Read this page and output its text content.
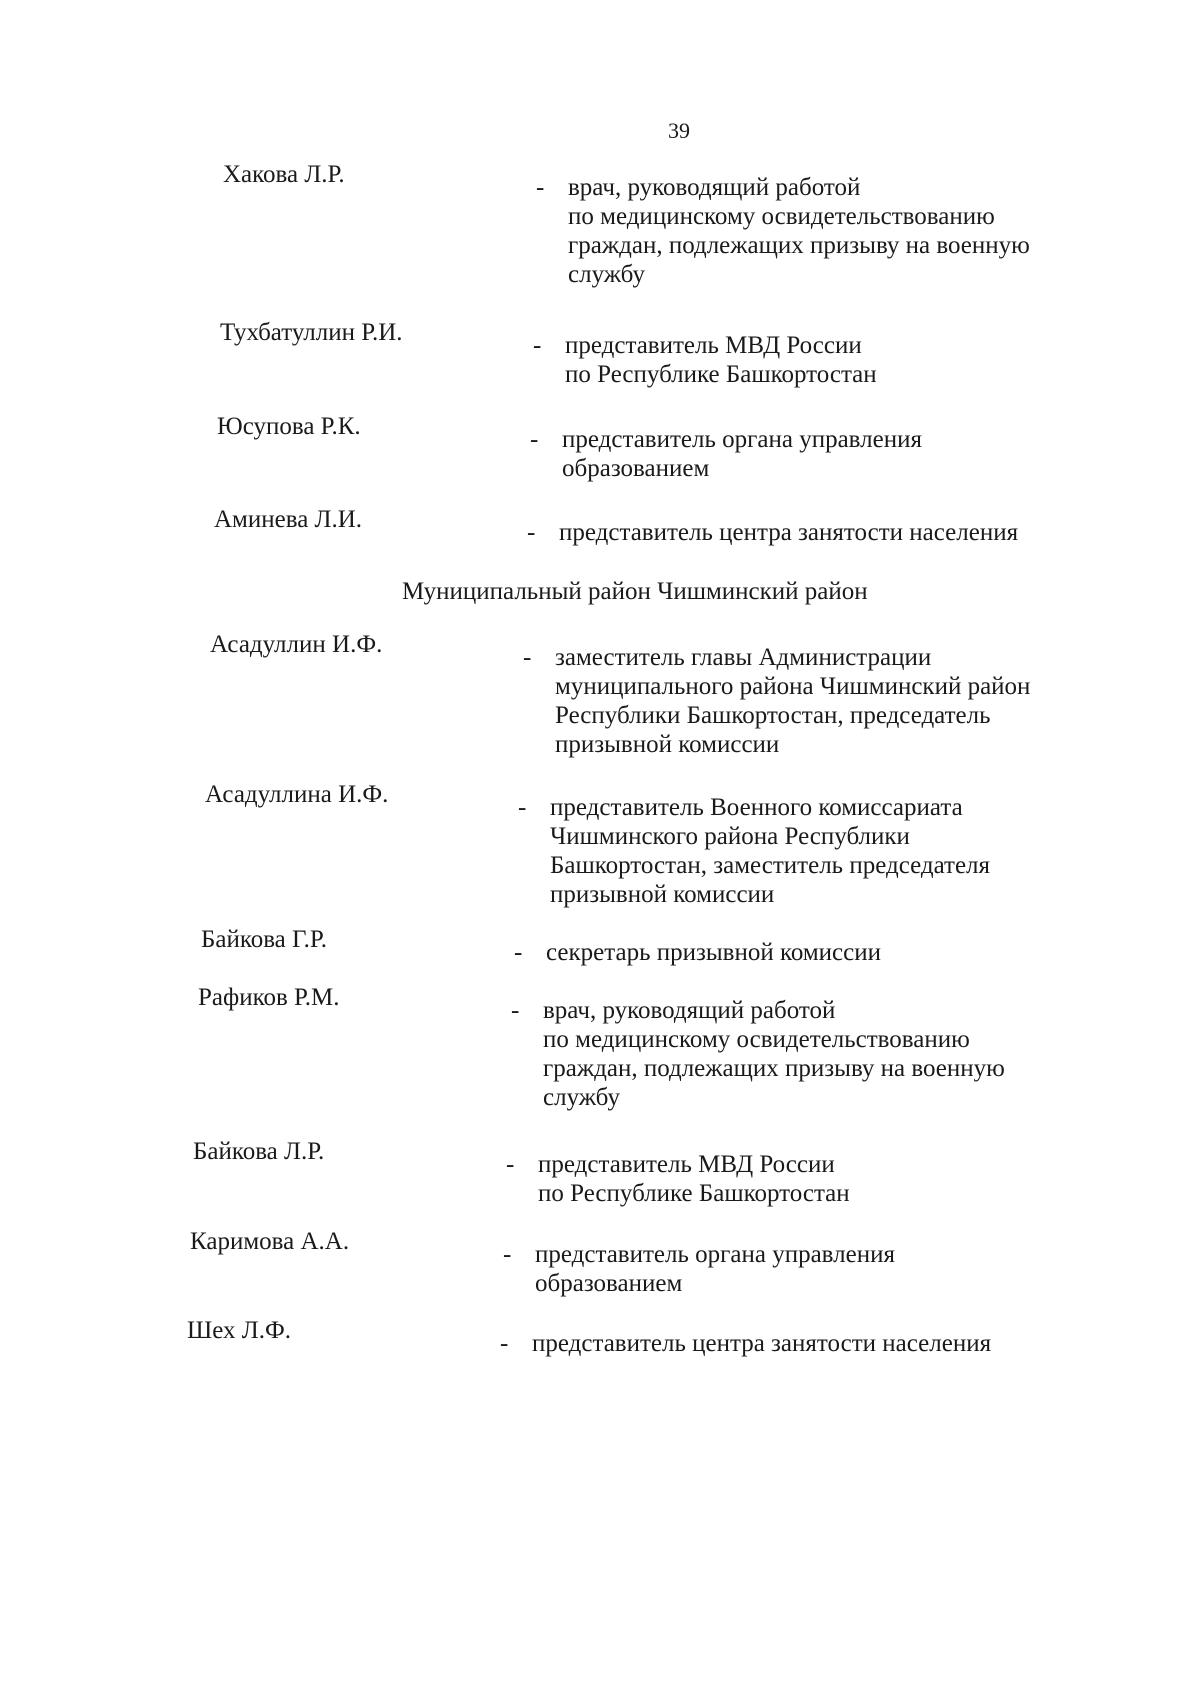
39
Хакова Л.Р.	- врач, руководящий работой
по медицинскому освидетельствованию
граждан, подлежащих призыву на военную
службу
Тухбатуллин Р.И.	- представитель МВД России
по Республике Башкортостан
Юсупова Р.К.	- представитель органа управления
образованием
Аминева Л.И.	- представитель центра занятости населения
Муниципальный район Чишминский район
Асадуллин И.Ф.	- заместитель главы Администрации
муниципального района Чишминский район
Республики Башкортостан, председатель
призывной комиссии
Асадуллина И.Ф.	- представитель Военного комиссариата
Чишминского района Республики
Башкортостан, заместитель председателя
призывной комиссии
Байкова Г.Р.	- секретарь призывной комиссии
Рафиков Р.М.	- врач, руководящий работой
по медицинскому освидетельствованию
граждан, подлежащих призыву на военную
службу
Байкова Л.Р.	- представитель МВД России
по Республике Башкортостан
Каримова А.А.	- представитель органа управления
образованием
Шех Л.Ф.	- представитель центра занятости населения
